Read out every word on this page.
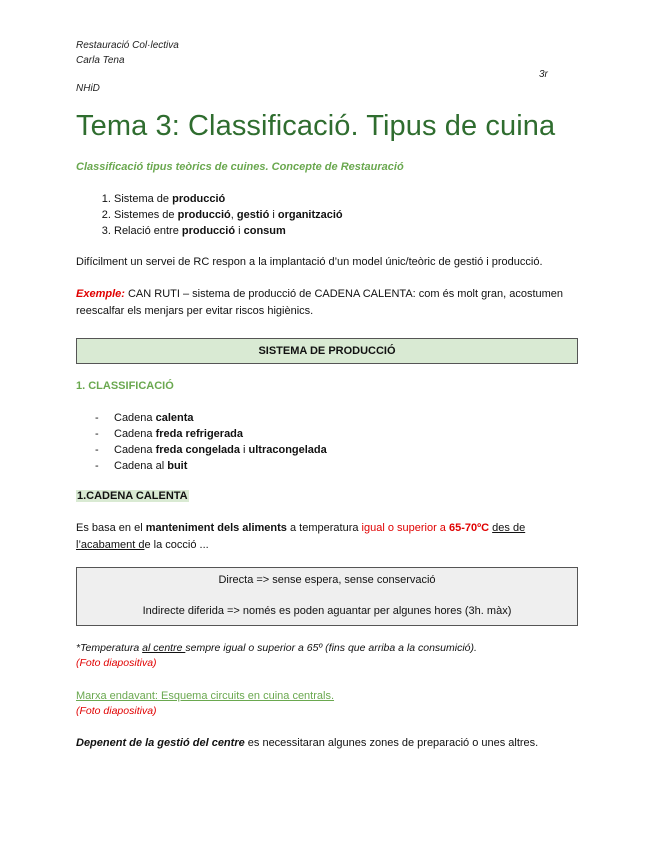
Restauració Col·lectiva
Carla Tena
3r
NHiD
Tema 3: Classificació. Tipus de cuina
Classificació tipus teòrics de cuines. Concepte de Restauració
1. Sistema de producció
2. Sistemes de producció, gestió i organització
3. Relació entre producció i consum
Difícilment un servei de RC respon a la implantació d’un model únic/teòric de gestió i producció.
Exemple: CAN RUTI – sistema de producció de CADENA CALENTA: com és molt gran, acostumen reescalfar els menjars per evitar riscos higiènics.
SISTEMA DE PRODUCCIÓ
1. CLASSIFICACIÓ
- Cadena calenta
- Cadena freda refrigerada
- Cadena freda congelada i ultracongelada
- Cadena al buit
1.CADENA CALENTA
Es basa en el manteniment dels aliments a temperatura igual o superior a 65-70ºC des de l’acabament de la cocció ...
Directa => sense espera, sense conservació
Indirecte diferida => només es poden aguantar per algunes hores (3h. màx)
*Temperatura al centre sempre igual o superior a 65º (fins que arriba a la consumició).
(Foto diapositiva)
Marxa endavant: Esquema circuits en cuina centrals.
(Foto diapositiva)
Depenent de la gestió del centre es necessitaran algunes zones de preparació o unes altres.
